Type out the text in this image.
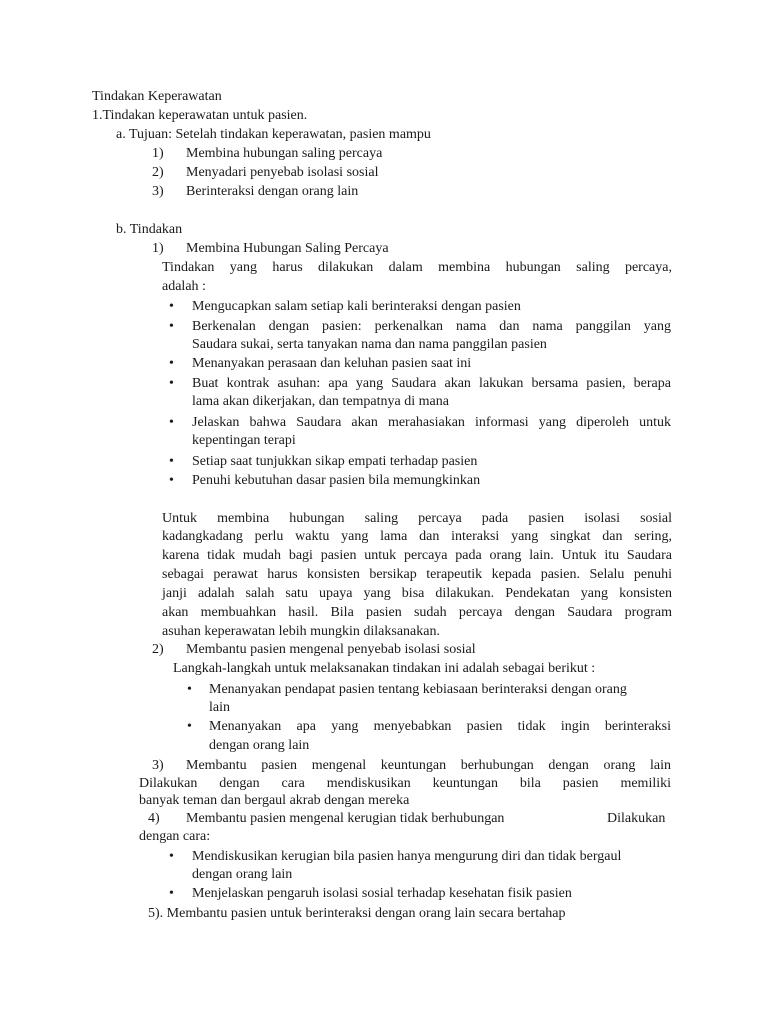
Tindakan Keperawatan
1.Tindakan keperawatan untuk pasien.
a. Tujuan: Setelah tindakan keperawatan, pasien mampu
1) Membina hubungan saling percaya
2) Menyadari penyebab isolasi sosial
3) Berinteraksi dengan orang lain
b. Tindakan
1) Membina Hubungan Saling Percaya
Tindakan yang harus dilakukan dalam membina hubungan saling percaya,
adalah :
• Mengucapkan salam setiap kali berinteraksi dengan pasien
• Berkenalan dengan pasien: perkenalkan nama dan nama panggilan yang
Saudara sukai, serta tanyakan nama dan nama panggilan pasien
• Menanyakan perasaan dan keluhan pasien saat ini
• Buat kontrak asuhan: apa yang Saudara akan lakukan bersama pasien, berapa
lama akan dikerjakan, dan tempatnya di mana
• Jelaskan bahwa Saudara akan merahasiakan informasi yang diperoleh untuk
kepentingan terapi
• Setiap saat tunjukkan sikap empati terhadap pasien
• Penuhi kebutuhan dasar pasien bila memungkinkan
Untuk membina hubungan saling percaya pada pasien isolasi sosial
kadangkadang perlu waktu yang lama dan interaksi yang singkat dan sering,
karena tidak mudah bagi pasien untuk percaya pada orang lain. Untuk itu Saudara
sebagai perawat harus konsisten bersikap terapeutik kepada pasien. Selalu penuhi
janji adalah salah satu upaya yang bisa dilakukan. Pendekatan yang konsisten
akan membuahkan hasil. Bila pasien sudah percaya dengan Saudara program
asuhan keperawatan lebih mungkin dilaksanakan.
2) Membantu pasien mengenal penyebab isolasi sosial
Langkah-langkah untuk melaksanakan tindakan ini adalah sebagai berikut :
• Menanyakan pendapat pasien tentang kebiasaan berinteraksi dengan orang
lain
• Menanyakan apa yang menyebabkan pasien tidak ingin berinteraksi
dengan orang lain
3) Membantu pasien mengenal keuntungan berhubungan dengan orang lain
Dilakukan dengan cara mendiskusikan keuntungan bila pasien memiliki
banyak teman dan bergaul akrab dengan mereka
4) Membantu pasien mengenal kerugian tidak berhubungan	Dilakukan
dengan cara:
• Mendiskusikan kerugian bila pasien hanya mengurung diri dan tidak bergaul
dengan orang lain
• Menjelaskan pengaruh isolasi sosial terhadap kesehatan fisik pasien
5). Membantu pasien untuk berinteraksi dengan orang lain secara bertahap
